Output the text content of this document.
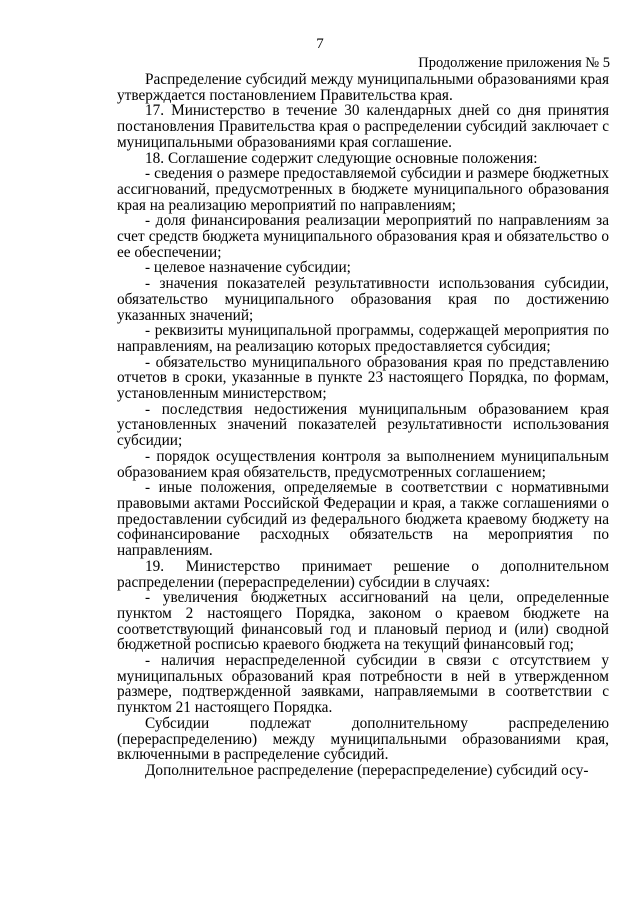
7
Продолжение приложения № 5

Распределение субсидий между муниципальными образованиями края утверждается постановлением Правительства края.

17. Министерство в течение 30 календарных дней со дня принятия постановления Правительства края о распределении субсидий заключает с муниципальными образованиями края соглашение.

18. Соглашение содержит следующие основные положения:

- сведения о размере предоставляемой субсидии и размере бюджетных ассигнований, предусмотренных в бюджете муниципального образования края на реализацию мероприятий по направлениям;

- доля финансирования реализации мероприятий по направлениям за счет средств бюджета муниципального образования края и обязательство о ее обеспечении;

- целевое назначение субсидии;

- значения показателей результативности использования субсидии, обязательство муниципального образования края по достижению указанных значений;

- реквизиты муниципальной программы, содержащей мероприятия по направлениям, на реализацию которых предоставляется субсидия;

- обязательство муниципального образования края по представлению отчетов в сроки, указанные в пункте 23 настоящего Порядка, по формам, установленным министерством;

- последствия недостижения муниципальным образованием края установленных значений показателей результативности использования субсидии;

- порядок осуществления контроля за выполнением муниципальным образованием края обязательств, предусмотренных соглашением;

- иные положения, определяемые в соответствии с нормативными правовыми актами Российской Федерации и края, а также соглашениями о предоставлении субсидий из федерального бюджета краевому бюджету на софинансирование расходных обязательств на мероприятия по направлениям.

19. Министерство принимает решение о дополнительном распределении (перераспределении) субсидии в случаях:

- увеличения бюджетных ассигнований на цели, определенные пунктом 2 настоящего Порядка, законом о краевом бюджете на соответствующий финансовый год и плановый период и (или) сводной бюджетной росписью краевого бюджета на текущий финансовый год;

- наличия нераспределенной субсидии в связи с отсутствием у муниципальных образований края потребности в ней в утвержденном размере, подтвержденной заявками, направляемыми в соответствии с пунктом 21 настоящего Порядка.

Субсидии подлежат дополнительному распределению (перераспределению) между муниципальными образованиями края, включенными в распределение субсидий.

Дополнительное распределение (перераспределение) субсидий осу-
